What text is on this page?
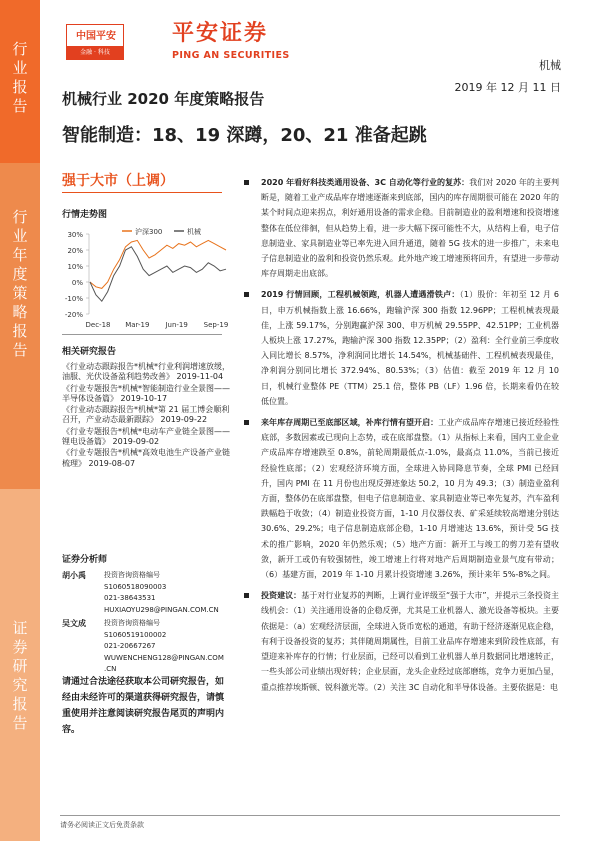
行业报告
行业年度策略报告
证券研究报告
中国平安
金融 · 科技
平安证券
PING AN SECURITIES
机械
2019 年 12 月 11 日
机械行业 2020 年度策略报告
智能制造：18、19 深蹲，20、21 准备起跳
强于大市（上调）
行情走势图
30%
20%
10%
0%
-10%
-20%
Dec-18 Mar-19 Jun-19 Sep-19
沪深300	机械
相关研究报告
《行业动态跟踪报告*机械*行业利润增速放缓，油服、光伏设备盈利趋势改善》 2019-11-04
《行业专题报告*机械*智能制造行业全景图——半导体设备篇》 2019-10-17
《行业动态跟踪报告*机械*第 21 届工博会顺利召开，产业动态最新跟踪》 2019-09-22
《行业专题报告*机械*电动车产业链全景图——锂电设备篇》 2019-09-02
《行业专题报告*机械*高效电池生产设备产业链梳理》 2019-08-07
证券分析师
胡小禹	投资咨询资格编号
S1060518090003
021-38643531
HUXIAOYU298@PINGAN.COM.CN
吴文成	投资咨询资格编号
S1060519100002
021-20667267
WUWENCHENG128@PINGAN.COM
.CN
请通过合法途径获取本公司研究报告，如经由未经许可的渠道获得研究报告，请慎重使用并注意阅读研究报告尾页的声明内容。
2020 年看好科技类通用设备、3C 自动化等行业的复苏：我们对 2020 年的主要判断是，随着工业产成品库存增速逐渐来到底部，国内的库存周期很可能在 2020 年的某个时间点迎来拐点，利好通用设备的需求企稳。目前制造业的盈利增速和投资增速整体在低位徘徊，但从趋势上看，进一步大幅下探可能性不大，从结构上看，电子信息制造业、家具制造业等已率先进入回升通道，随着 5G 技术的进一步推广，未来电子信息制造业的盈利和投资仍然乐观。此外地产竣工增速预将回升，有望进一步带动库存周期走出底部。
2019 行情回顾，工程机械领跑，机器人遭遇滑铁卢：（1）股价：年初至 12 月 6 日，申万机械指数上涨 16.66%，跑输沪深 300 指数 12.96PP；工程机械表现最佳，上涨 59.17%，分别跑赢沪深 300、申万机械 29.55PP、42.51PP；工业机器人板块上涨 17.27%，跑输沪深 300 指数 12.35PP；（2）盈利：全行业前三季度收入同比增长 8.57%，净利润同比增长 14.54%，机械基础件、工程机械表现最佳，净利润分别同比增长 372.94%、80.53%；（3）估值：截至 2019 年 12 月 10 日，机械行业整体 PE（TTM）25.1 倍，整体 PB（LF）1.96 倍，长期来看仍在较低位置。
来年库存周期已至底部区域，补库行情有望开启：工业产成品库存增速已接近经验性底部，多数因素或已现向上态势，或在底部盘整。（1）从指标上来看，国内工业企业产成品库存增速跌至 0.8%，前轮周期最低点-1.0%，最高点 11.0%，当前已接近经验性底部；（2）宏观经济环境方面，全球进入协同降息节奏，全球 PMI 已经回升，国内 PMI 在 11 月份也出现反弹迹象达 50.2，10 月为 49.3；（3）制造业盈利方面，整体仍在底部盘整，但电子信息制造业、家具制造业等已率先复苏，汽车盈利跌幅趋于收敛；（4）制造业投资方面，1-10 月仪器仪表、矿采延续较高增速分别达 30.6%、29.2%；电子信息制造底部企稳，1-10 月增速达 13.6%，预计受 5G 技术的推广影响，2020 年仍然乐观；（5）地产方面：新开工与竣工的剪刀差有望收敛，新开工或仍有较强韧性，竣工增速上行将对地产后周期制造业景气度有带动；（6）基建方面，2019 年 1-10 月累计投资增速 3.26%，预计来年 5%-8%之间。
投资建议：基于对行业复苏的判断，上调行业评级至“强于大市”，并提示三条投资主线机会：（1）关注通用设备的企稳反弹，尤其是工业机器人、激光设备等板块。主要依据是：（a）宏观经济层面，全球进入货币宽松的通道，有助于经济逐渐见底企稳，有利于设备投资的复苏；其伴随周期属性，目前工业品库存增速来到阶段性底部，有望迎来补库存的行情；行业层面，已经可以看到工业机器人单月数据同比增速转正，一些头部公司业绩出现好转；企业层面，龙头企业经过底部磨练，竞争力更加凸显，重点推荐埃斯顿、锐科激光等。（2）关注 3C 自动化和半导体设备。主要依据是：电
请务必阅读正文后免责条款
